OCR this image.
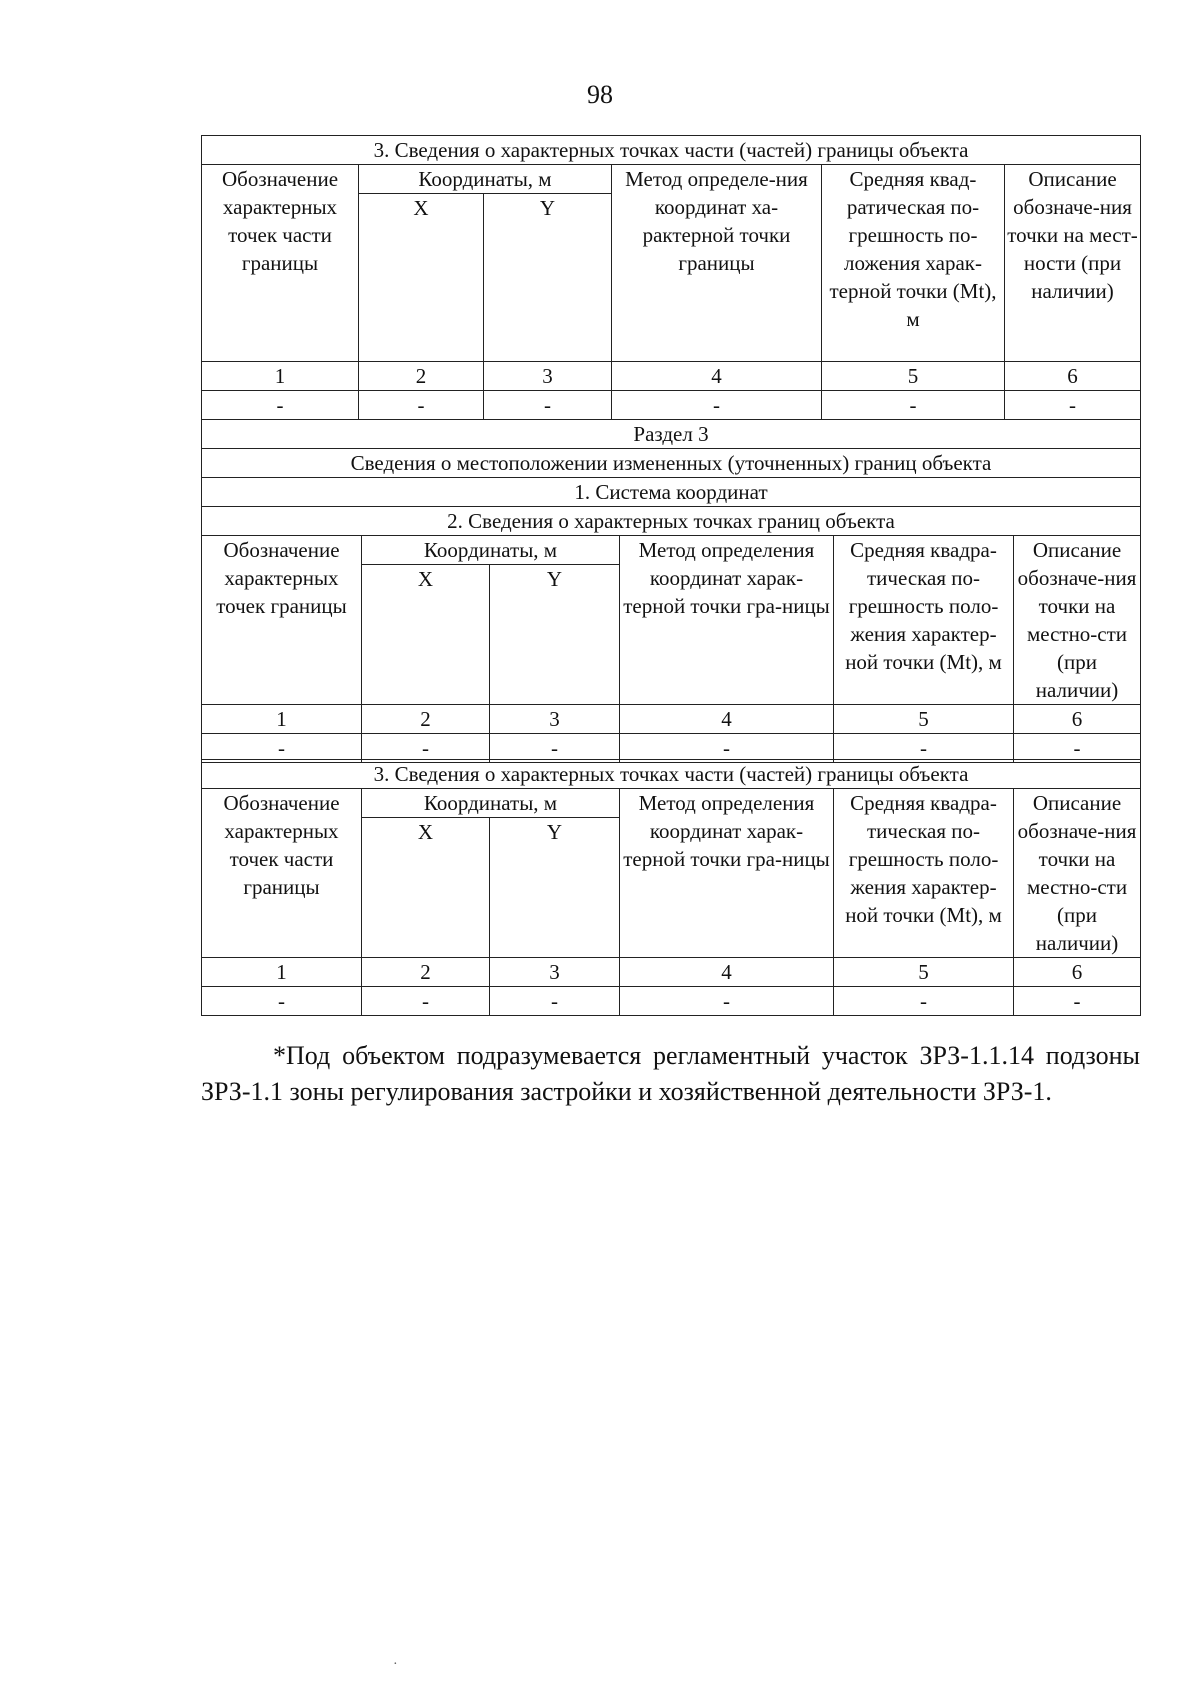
98
3. Сведения о характерных точках части (частей) границы объекта					
Обозначение характерных точек части границы	Координаты, м		Метод определе-ния координат ха-рактерной точки границы	Средняя квад-ратическая по-грешность по-ложения харак-терной точки (Mt), м	Описание обозначе-ния точки на мест-ности (при наличии)
	X	Y			
1	2	3	4	5	6
-	-	-	-	-	-
Раздел 3					
Сведения о местоположении измененных (уточненных) границ объекта					
1. Система координат					
2. Сведения о характерных точках границ объекта					
Обозначение характерных точек границы	Координаты, м		Метод определения координат харак-терной точки гра-ницы	Средняя квадра-тическая по-грешность поло-жения характер-ной точки (Mt), м	Описание обозначе-ния точки на местно-сти (при наличии)
	X	Y			
1	2	3	4	5	6
-	-	-	-	-	-
3. Сведения о характерных точках части (частей) границы объекта					
Обозначение характерных точек части границы	Координаты, м		Метод определения координат харак-терной точки гра-ницы	Средняя квадра-тическая по-грешность поло-жения характер-ной точки (Mt), м	Описание обозначе-ния точки на местно-сти (при наличии)
	X	Y			
1	2	3	4	5	6
-	-	-	-	-	-

*Под объектом подразумевается регламентный участок ЗРЗ-1.1.14 подзоны ЗРЗ-1.1 зоны регулирования застройки и хозяйственной деятельности ЗРЗ-1.

·
